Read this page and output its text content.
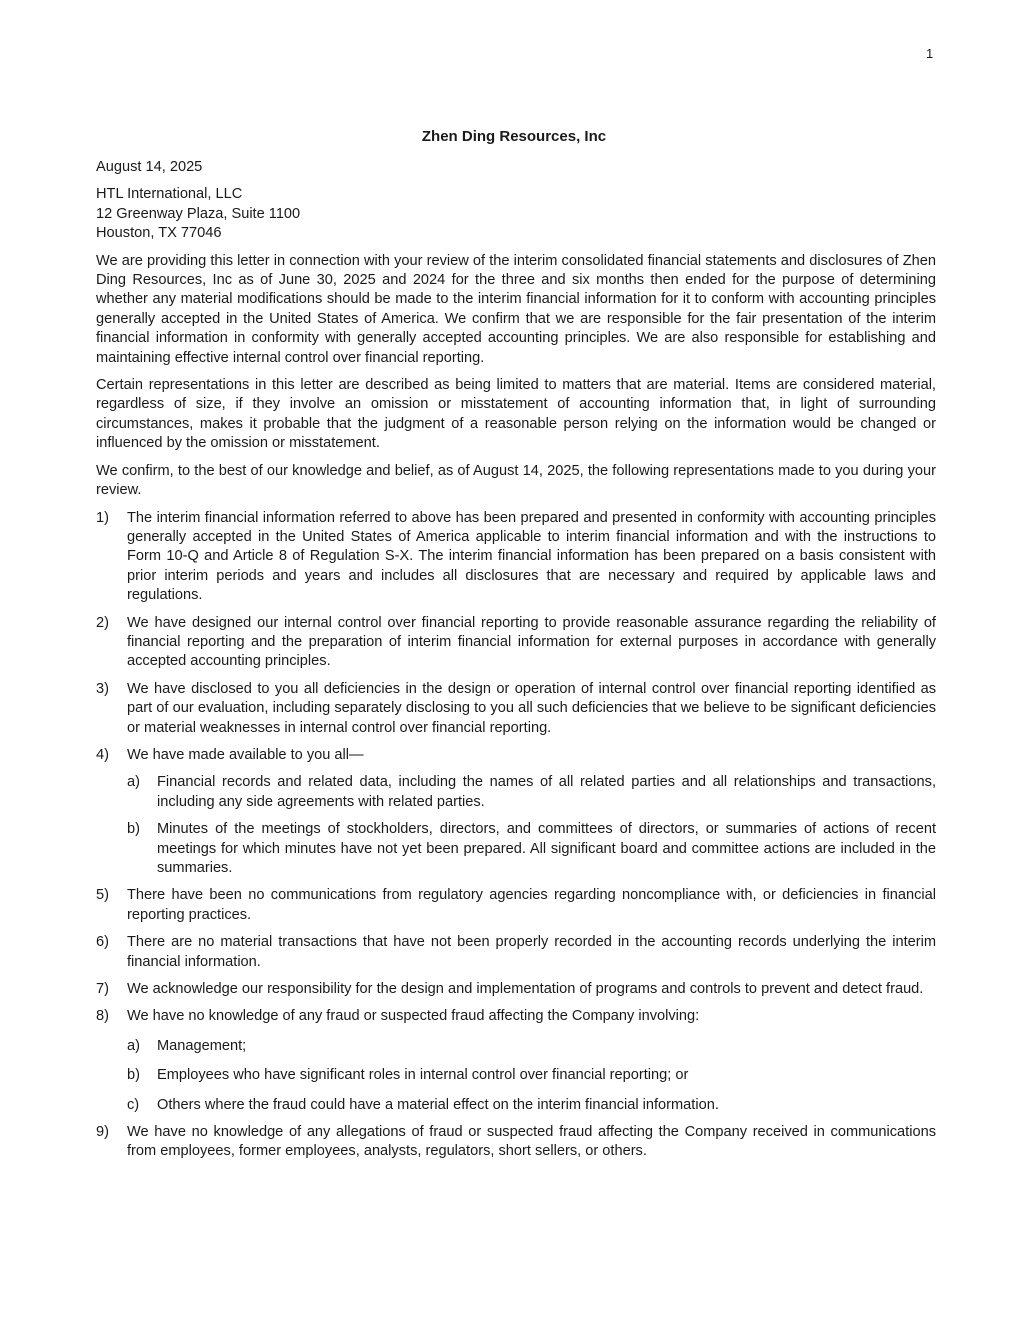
1
Zhen Ding Resources, Inc
August 14, 2025
HTL International, LLC
12 Greenway Plaza, Suite 1100
Houston, TX 77046

We are providing this letter in connection with your review of the interim consolidated financial statements and disclosures of Zhen Ding Resources, Inc as of June 30, 2025 and 2024 for the three and six months then ended for the purpose of determining whether any material modifications should be made to the interim financial information for it to conform with accounting principles generally accepted in the United States of America. We confirm that we are responsible for the fair presentation of the interim financial information in conformity with generally accepted accounting principles. We are also responsible for establishing and maintaining effective internal control over financial reporting.

Certain representations in this letter are described as being limited to matters that are material. Items are considered material, regardless of size, if they involve an omission or misstatement of accounting information that, in light of surrounding circumstances, makes it probable that the judgment of a reasonable person relying on the information would be changed or influenced by the omission or misstatement.

We confirm, to the best of our knowledge and belief, as of August 14, 2025, the following representations made to you during your review.

1)	The interim financial information referred to above has been prepared and presented in conformity with accounting principles generally accepted in the United States of America applicable to interim financial information and with the instructions to Form 10-Q and Article 8 of Regulation S-X. The interim financial information has been prepared on a basis consistent with prior interim periods and years and includes all disclosures that are necessary and required by applicable laws and regulations.
2)	We have designed our internal control over financial reporting to provide reasonable assurance regarding the reliability of financial reporting and the preparation of interim financial information for external purposes in accordance with generally accepted accounting principles.
3)	We have disclosed to you all deficiencies in the design or operation of internal control over financial reporting identified as part of our evaluation, including separately disclosing to you all such deficiencies that we believe to be significant deficiencies or material weaknesses in internal control over financial reporting.
4)	We have made available to you all—
a)	Financial records and related data, including the names of all related parties and all relationships and transactions, including any side agreements with related parties.
b)	Minutes of the meetings of stockholders, directors, and committees of directors, or summaries of actions of recent meetings for which minutes have not yet been prepared. All significant board and committee actions are included in the summaries.
5)	There have been no communications from regulatory agencies regarding noncompliance with, or deficiencies in financial reporting practices.
6)	There are no material transactions that have not been properly recorded in the accounting records underlying the interim financial information.
7)	We acknowledge our responsibility for the design and implementation of programs and controls to prevent and detect fraud.
8)	We have no knowledge of any fraud or suspected fraud affecting the Company involving:
a)	Management;
b)	Employees who have significant roles in internal control over financial reporting; or
c)	Others where the fraud could have a material effect on the interim financial information.
9)	We have no knowledge of any allegations of fraud or suspected fraud affecting the Company received in communications from employees, former employees, analysts, regulators, short sellers, or others.
